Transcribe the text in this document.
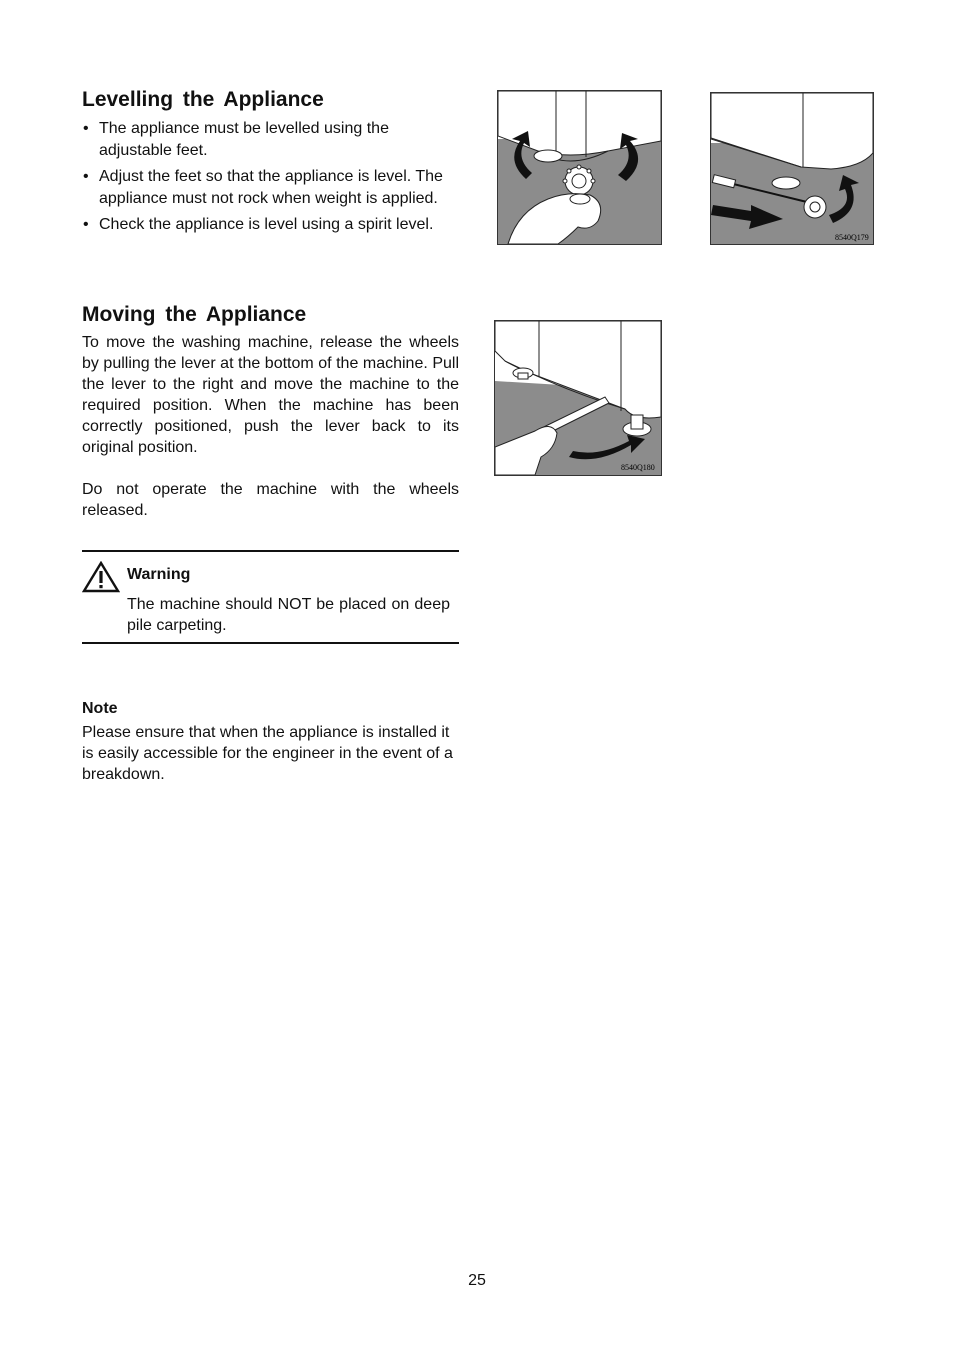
Levelling the Appliance
• The appliance must be levelled using the adjustable feet.
• Adjust the feet so that the appliance is level. The appliance must not rock when weight is applied.
• Check the appliance is level using a spirit level.
Moving the Appliance

To move the washing machine, release the wheels by pulling the lever at the bottom of the machine. Pull the lever to the right and move the machine to the required position. When the machine has been correctly positioned, push the lever back to its original position.

Do not operate the machine with the wheels released.

Warning
The machine should NOT be placed on deep pile carpeting.
Note

Please ensure that when the appliance is installed it is easily accessible for the engineer in the event of a breakdown.

8540Q179
8540Q180
25
